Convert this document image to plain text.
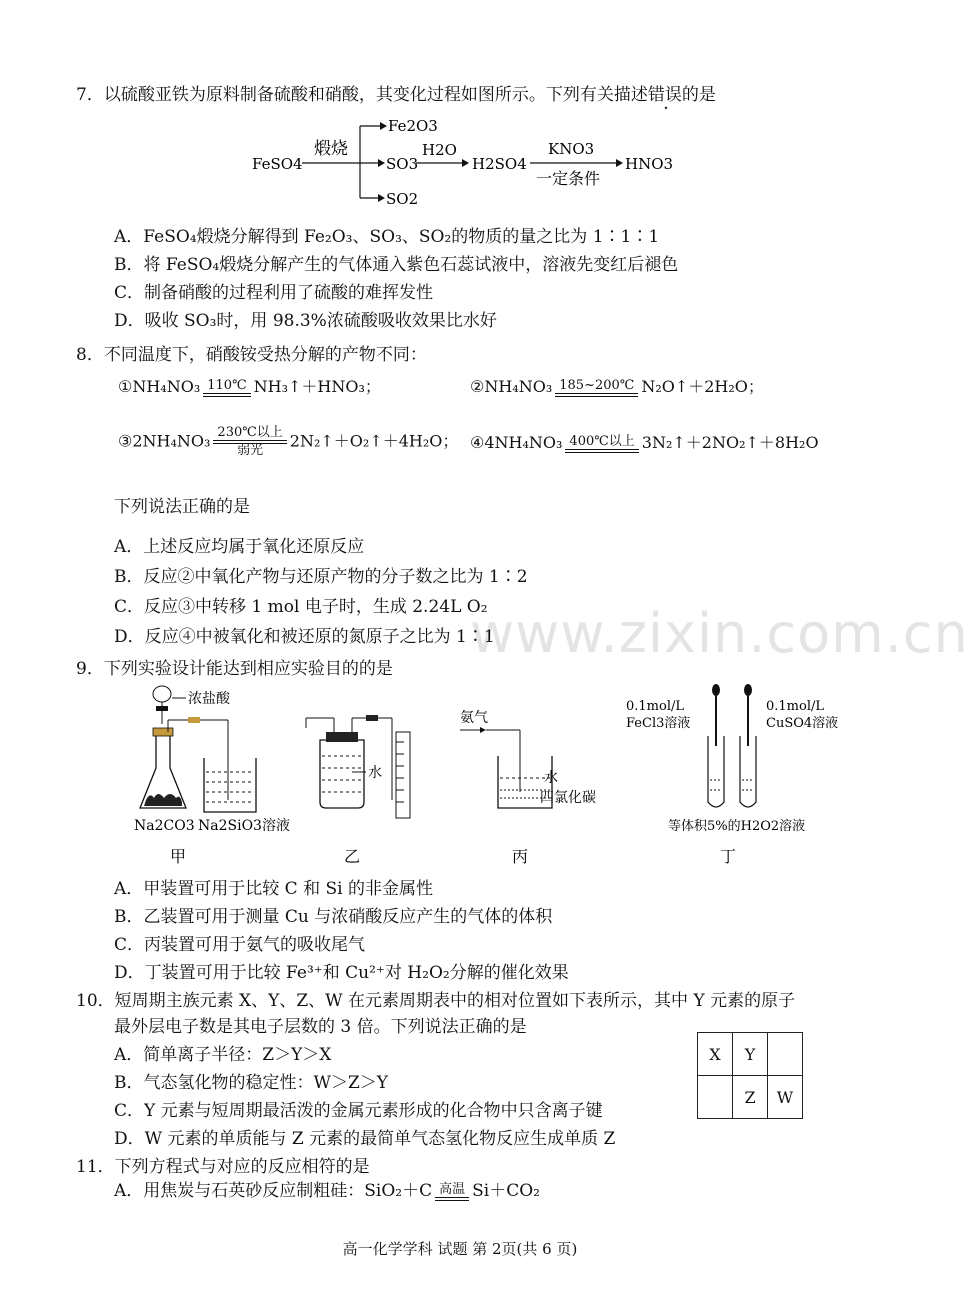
www.zixin.com.cn
7．以硫酸亚铁为原料制备硫酸和硝酸，其变化过程如图所示。下列有关描述错误的是
FeSO4
煅烧
Fe2O3
SO3
SO2
H2O
H2SO4
KNO3
一定条件
HNO3
A．FeSO₄煅烧分解得到 Fe₂O₃、SO₃、SO₂的物质的量之比为 1∶1∶1
B．将 FeSO₄煅烧分解产生的气体通入紫色石蕊试液中，溶液先变红后褪色
C．制备硝酸的过程利用了硫酸的难挥发性
D．吸收 SO₃时，用 98.3%浓硫酸吸收效果比水好
8．不同温度下，硝酸铵受热分解的产物不同：
①NH₄NO₃ 110℃ NH₃↑＋HNO₃；	②NH₄NO₃ 185~200℃ N₂O↑＋2H₂O；
③2NH₄NO₃ 230℃以上
弱光	2N₂↑＋O₂↑＋4H₂O； ④4NH₄NO₃ 400℃以上 3N₂↑＋2NO₂↑＋8H₂O
下列说法正确的是
A．上述反应均属于氧化还原反应
B．反应②中氧化产物与还原产物的分子数之比为 1∶2
C．反应③中转移 1 mol 电子时，生成 2.24L O₂
D．反应④中被氧化和被还原的氮原子之比为 1∶1
9．下列实验设计能达到相应实验目的的是
浓盐酸
Na2CO3 Na2SiO3溶液
甲
水
乙
氨气
水
四氯化碳
丙
0.1mol/L
FeCl3溶液
0.1mol/L
CuSO4溶液
等体积5%的H2O2溶液
丁
A．甲装置可用于比较 C 和 Si 的非金属性
B．乙装置可用于测量 Cu 与浓硝酸反应产生的气体的体积
C．丙装置可用于氨气的吸收尾气
D．丁装置可用于比较 Fe³⁺和 Cu²⁺对 H₂O₂分解的催化效果
10．短周期主族元素 X、Y、Z、W 在元素周期表中的相对位置如下表所示，其中 Y 元素的原子
最外层电子数是其电子层数的 3 倍。下列说法正确的是
X	Y	
	Z	W
A．简单离子半径：Z＞Y＞X
B．气态氢化物的稳定性：W＞Z＞Y
C．Y 元素与短周期最活泼的金属元素形成的化合物中只含离子键
D．W 元素的单质能与 Z 元素的最简单气态氢化物反应生成单质 Z
11．下列方程式与对应的反应相符的是
A．用焦炭与石英砂反应制粗硅：SiO₂＋C 高温 Si＋CO₂
高一化学学科 试题 第 2页(共 6 页)
